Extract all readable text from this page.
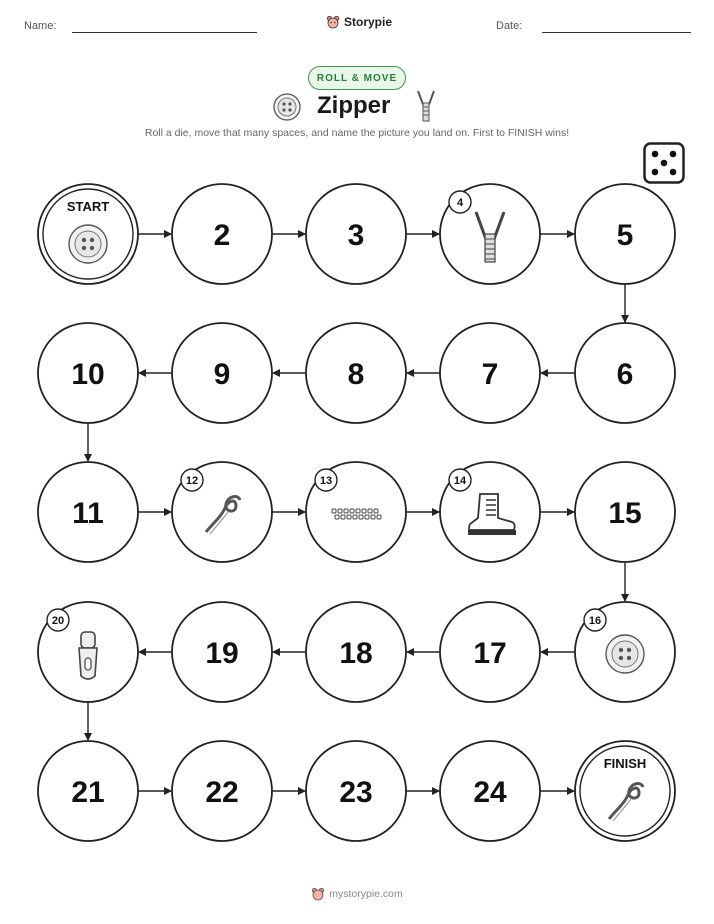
Name:	Storypie	Date:
ROLL & MOVE
Zipper
Roll a die, move that many spaces, and name the picture you land on. First to FINISH wins!
START
2	3
4
5
6
7
8
9
10
11
12	13	14
15
16
17
18
19
20
21	22	23	24
FINISH
mystorypie.com
